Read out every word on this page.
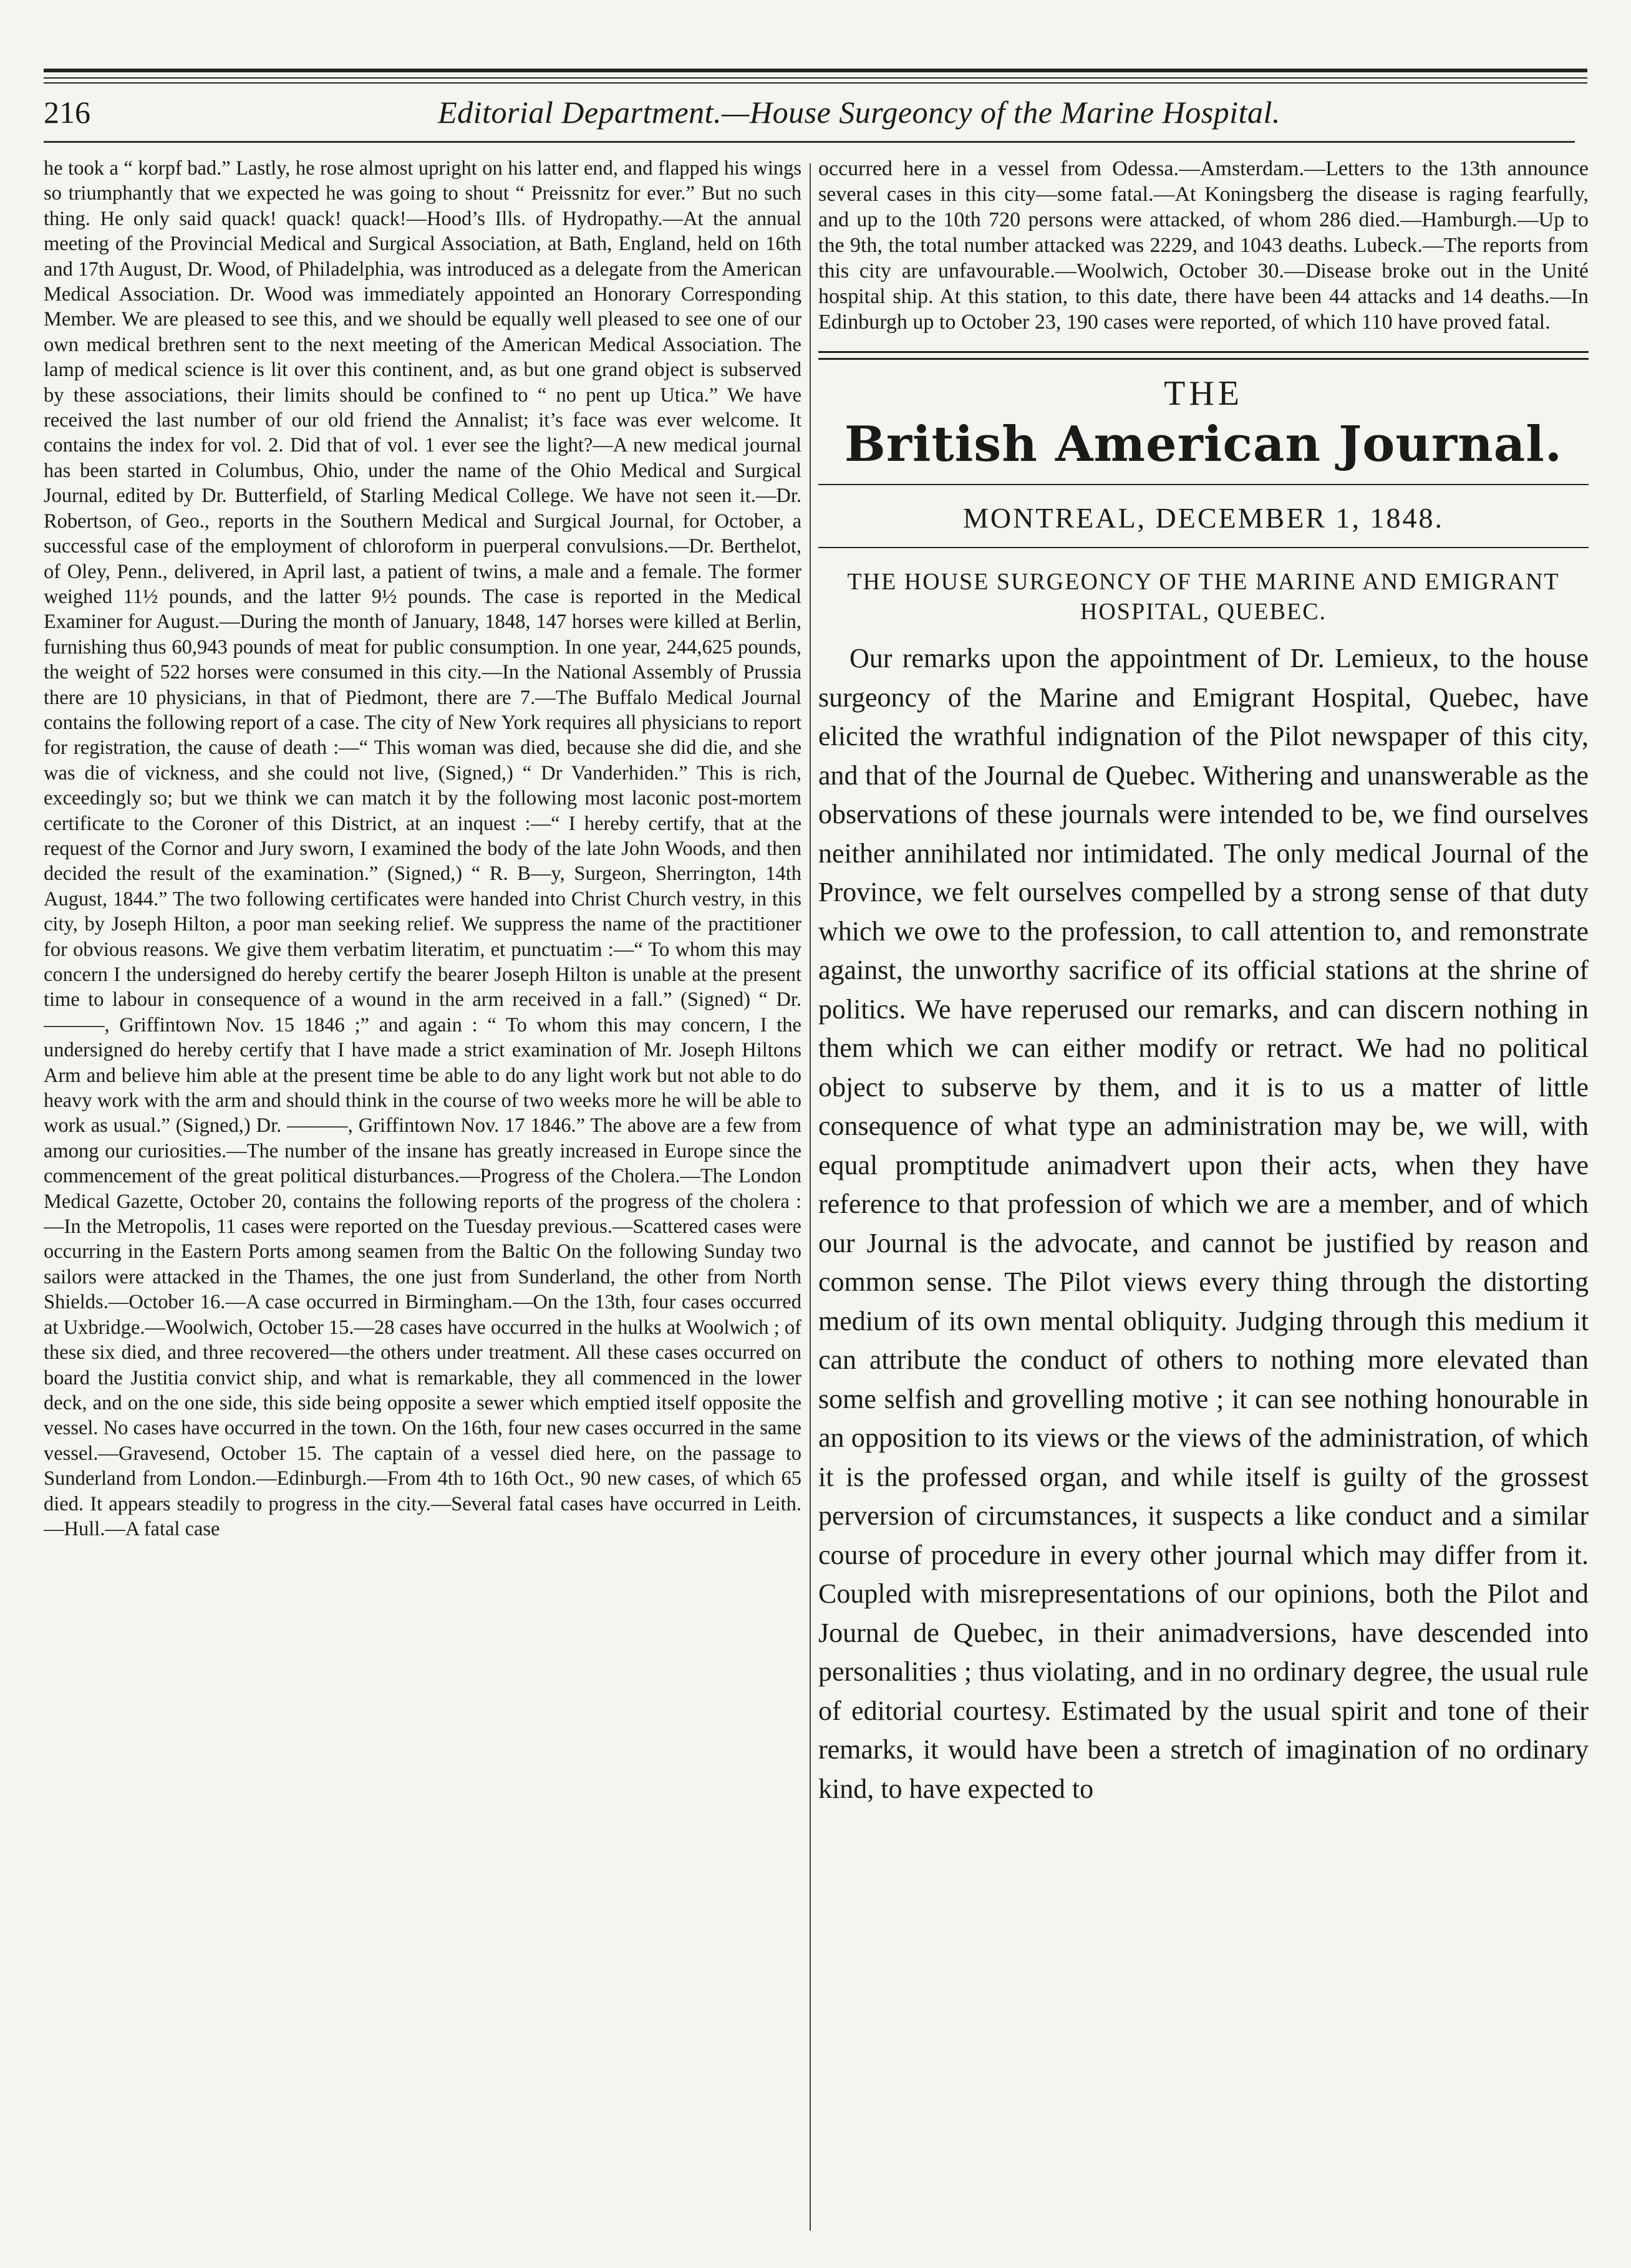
216	Editorial Department.—House Surgeoncy of the Marine Hospital.

he took a “ korpf bad.” Lastly, he rose almost upright on his latter end, and flapped his wings so triumphantly that we expected he was going to shout “ Preissnitz for ever.” But no such thing. He only said quack! quack! quack!—Hood’s Ills. of Hydropathy.—At the annual meeting of the Provincial Medical and Surgical Association, at Bath, England, held on 16th and 17th August, Dr. Wood, of Philadelphia, was introduced as a delegate from the American Medical Association. Dr. Wood was immediately appointed an Honorary Corresponding Member. We are pleased to see this, and we should be equally well pleased to see one of our own medical brethren sent to the next meeting of the American Medical Association. The lamp of medical science is lit over this continent, and, as but one grand object is subserved by these associations, their limits should be confined to “ no pent up Utica.” We have received the last number of our old friend the Annalist; it’s face was ever welcome. It contains the index for vol. 2. Did that of vol. 1 ever see the light?—A new medical journal has been started in Columbus, Ohio, under the name of the Ohio Medical and Surgical Journal, edited by Dr. Butterfield, of Starling Medical College. We have not seen it.—Dr. Robertson, of Geo., reports in the Southern Medical and Surgical Journal, for October, a successful case of the employment of chloroform in puerperal convulsions.—Dr. Berthelot, of Oley, Penn., delivered, in April last, a patient of twins, a male and a female. The former weighed 11½ pounds, and the latter 9½ pounds. The case is reported in the Medical Examiner for August.—During the month of January, 1848, 147 horses were killed at Berlin, furnishing thus 60,943 pounds of meat for public consumption. In one year, 244,625 pounds, the weight of 522 horses were consumed in this city.—In the National Assembly of Prussia there are 10 physicians, in that of Piedmont, there are 7.—The Buffalo Medical Journal contains the following report of a case. The city of New York requires all physicians to report for registration, the cause of death :—“ This woman was died, because she did die, and she was die of vickness, and she could not live, (Signed,) “ Dr Vanderhiden.” This is rich, exceedingly so; but we think we can match it by the following most laconic post-mortem certificate to the Coroner of this District, at an inquest :—“ I hereby certify, that at the request of the Cornor and Jury sworn, I examined the body of the late John Woods, and then decided the result of the examination.” (Signed,) “ R. B—y, Surgeon, Sherrington, 14th August, 1844.” The two following certificates were handed into Christ Church vestry, in this city, by Joseph Hilton, a poor man seeking relief. We suppress the name of the practitioner for obvious reasons. We give them verbatim literatim, et punctuatim :—“ To whom this may concern I the undersigned do hereby certify the bearer Joseph Hilton is unable at the present time to labour in consequence of a wound in the arm received in a fall.” (Signed) “ Dr. ———, Griffintown Nov. 15 1846 ;” and again : “ To whom this may concern, I the undersigned do hereby certify that I have made a strict examination of Mr. Joseph Hiltons Arm and believe him able at the present time be able to do any light work but not able to do heavy work with the arm and should think in the course of two weeks more he will be able to work as usual.” (Signed,) Dr. ———, Griffintown Nov. 17 1846.” The above are a few from among our curiosities.—The number of the insane has greatly increased in Europe since the commencement of the great political disturbances.—Progress of the Cholera.—The London Medical Gazette, October 20, contains the following reports of the progress of the cholera :—In the Metropolis, 11 cases were reported on the Tuesday previous.—Scattered cases were occurring in the Eastern Ports among seamen from the Baltic On the following Sunday two sailors were attacked in the Thames, the one just from Sunderland, the other from North Shields.—October 16.—A case occurred in Birmingham.—On the 13th, four cases occurred at Uxbridge.—Woolwich, October 15.—28 cases have occurred in the hulks at Woolwich ; of these six died, and three recovered—the others under treatment. All these cases occurred on board the Justitia convict ship, and what is remarkable, they all commenced in the lower deck, and on the one side, this side being opposite a sewer which emptied itself opposite the vessel. No cases have occurred in the town. On the 16th, four new cases occurred in the same vessel.—Gravesend, October 15. The captain of a vessel died here, on the passage to Sunderland from London.—Edinburgh.—From 4th to 16th Oct., 90 new cases, of which 65 died. It appears steadily to progress in the city.—Several fatal cases have occurred in Leith.—Hull.—A fatal case

occurred here in a vessel from Odessa.—Amsterdam.—Letters to the 13th announce several cases in this city—some fatal.—At Koningsberg the disease is raging fearfully, and up to the 10th 720 persons were attacked, of whom 286 died.—Hamburgh.—Up to the 9th, the total number attacked was 2229, and 1043 deaths. Lubeck.—The reports from this city are unfavourable.—Woolwich, October 30.—Disease broke out in the Unité hospital ship. At this station, to this date, there have been 44 attacks and 14 deaths.—In Edinburgh up to October 23, 190 cases were reported, of which 110 have proved fatal.

THE
British American Journal.
MONTREAL, DECEMBER 1, 1848.
THE HOUSE SURGEONCY OF THE MARINE AND EMIGRANT HOSPITAL, QUEBEC.

Our remarks upon the appointment of Dr. Lemieux, to the house surgeoncy of the Marine and Emigrant Hospital, Quebec, have elicited the wrathful indignation of the Pilot newspaper of this city, and that of the Journal de Quebec. Withering and unanswerable as the observations of these journals were intended to be, we find ourselves neither annihilated nor intimidated. The only medical Journal of the Province, we felt ourselves compelled by a strong sense of that duty which we owe to the profession, to call attention to, and remonstrate against, the unworthy sacrifice of its official stations at the shrine of politics. We have reperused our remarks, and can discern nothing in them which we can either modify or retract. We had no political object to subserve by them, and it is to us a matter of little consequence of what type an administration may be, we will, with equal promptitude animadvert upon their acts, when they have reference to that profession of which we are a member, and of which our Journal is the advocate, and cannot be justified by reason and common sense. The Pilot views every thing through the distorting medium of its own mental obliquity. Judging through this medium it can attribute the conduct of others to nothing more elevated than some selfish and grovelling motive ; it can see nothing honourable in an opposition to its views or the views of the administration, of which it is the professed organ, and while itself is guilty of the grossest perversion of circumstances, it suspects a like conduct and a similar course of procedure in every other journal which may differ from it. Coupled with misrepresentations of our opinions, both the Pilot and Journal de Quebec, in their animadversions, have descended into personalities ; thus violating, and in no ordinary degree, the usual rule of editorial courtesy. Estimated by the usual spirit and tone of their remarks, it would have been a stretch of imagination of no ordinary kind, to have expected to
